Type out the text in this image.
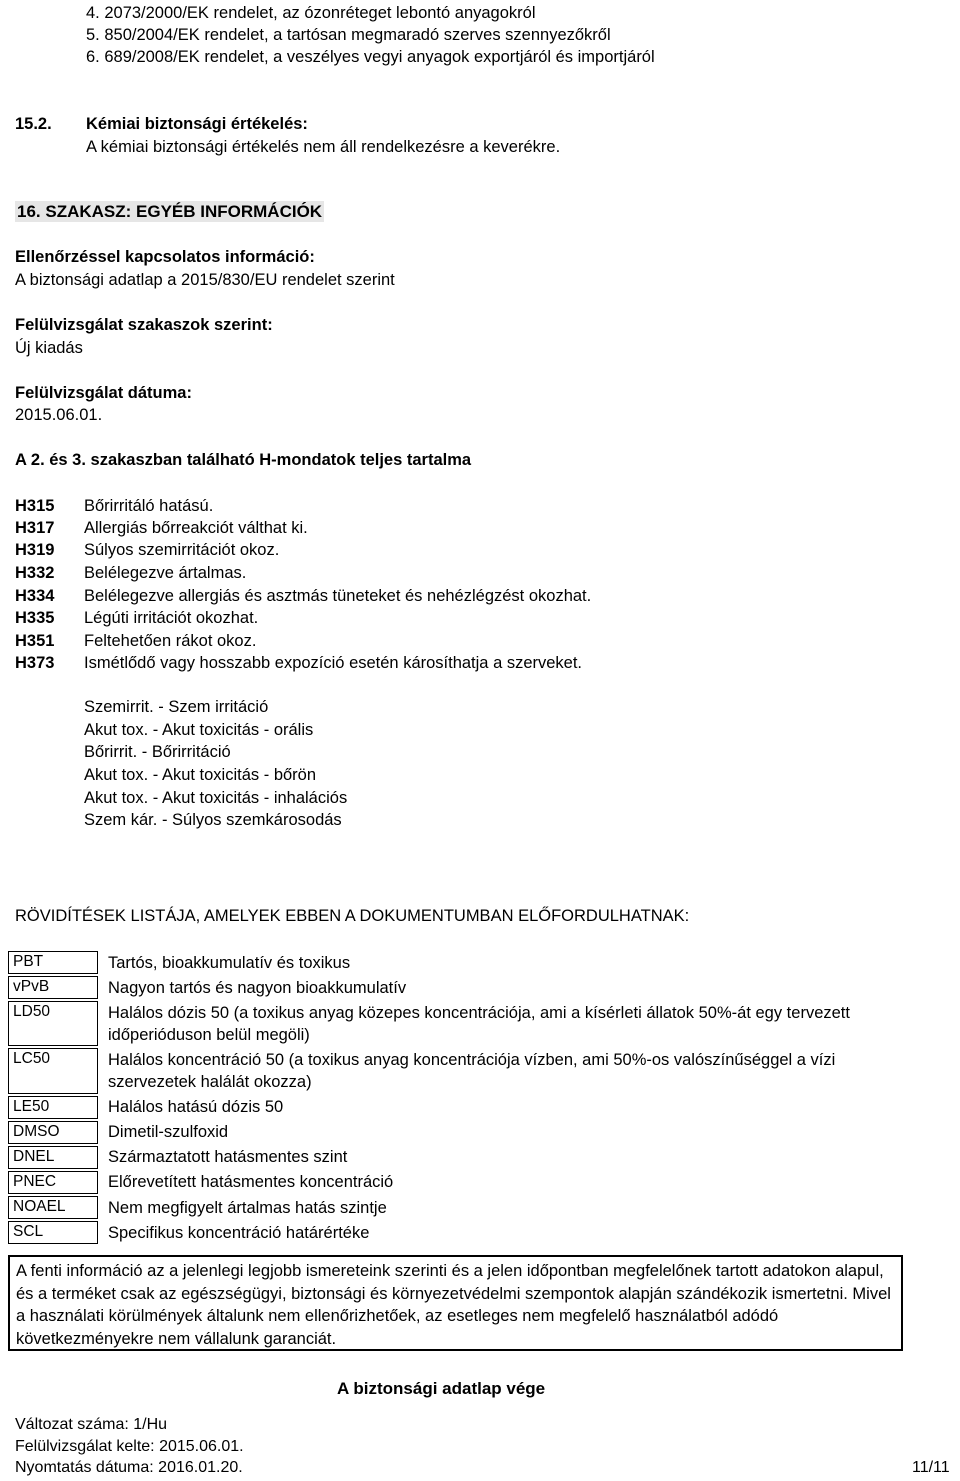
4. 2073/2000/EK rendelet, az ózonréteget lebontó anyagokról
5. 850/2004/EK rendelet, a tartósan megmaradó szerves szennyezőkről
6. 689/2008/EK rendelet, a veszélyes vegyi anyagok exportjáról és importjáról
15.2. Kémiai biztonsági értékelés:
A kémiai biztonsági értékelés nem áll rendelkezésre a keverékre.
16. SZAKASZ: EGYÉB INFORMÁCIÓK
Ellenőrzéssel kapcsolatos információ:
A biztonsági adatlap a 2015/830/EU rendelet szerint
Felülvizsgálat szakaszok szerint:
Új kiadás
Felülvizsgálat dátuma:
2015.06.01.
A 2. és 3. szakaszban található H-mondatok teljes tartalma
H315 Bőrirritáló hatású.
H317 Allergiás bőrreakciót válthat ki.
H319 Súlyos szemirritációt okoz.
H332 Belélegezve ártalmas.
H334 Belélegezve allergiás és asztmás tüneteket és nehézlégzést okozhat.
H335 Légúti irritációt okozhat.
H351 Feltehetően rákot okoz.
H373 Ismétlődő vagy hosszabb expozíció esetén károsíthatja a szerveket.
Szemirrit. - Szem irritáció
Akut tox. - Akut toxicitás - orális
Bőrirrit. - Bőrirritáció
Akut tox. - Akut toxicitás - bőrön
Akut tox. - Akut toxicitás - inhalációs
Szem kár. - Súlyos szemkárosodás
RÖVIDÍTÉSEK LISTÁJA, AMELYEK EBBEN A DOKUMENTUMBAN ELŐFORDULHATNAK:
PBT		Tartós, bioakkumulatív és toxikus

vPvB		Nagyon tartós és nagyon bioakkumulatív

LD50		Halálos dózis 50 (a toxikus anyag közepes koncentrációja, ami a kísérleti állatok 50%-át egy tervezett időperióduson belül megöli)

LC50		Halálos koncentráció 50 (a toxikus anyag koncentrációja vízben, ami 50%-os valószínűséggel a vízi szervezetek halálát okozza)

LE50		Halálos hatású dózis 50

DMSO		Dimetil-szulfoxid

DNEL		Származtatott hatásmentes szint

PNEC		Előrevetített hatásmentes koncentráció

NOAEL		Nem megfigyelt ártalmas hatás szintje

SCL		Specifikus koncentráció határértéke
A fenti információ az a jelenlegi legjobb ismereteink szerinti és a jelen időpontban megfelelőnek tartott adatokon alapul, és a terméket csak az egészségügyi, biztonsági és környezetvédelmi szempontok alapján szándékozik ismertetni. Mivel a használati körülmények általunk nem ellenőrizhetőek, az esetleges nem megfelelő használatból adódó következményekre nem vállalunk garanciát.
A biztonsági adatlap vége
Változat száma: 1/Hu
Felülvizsgálat kelte: 2015.06.01.
Nyomtatás dátuma: 2016.01.20.	11/11
